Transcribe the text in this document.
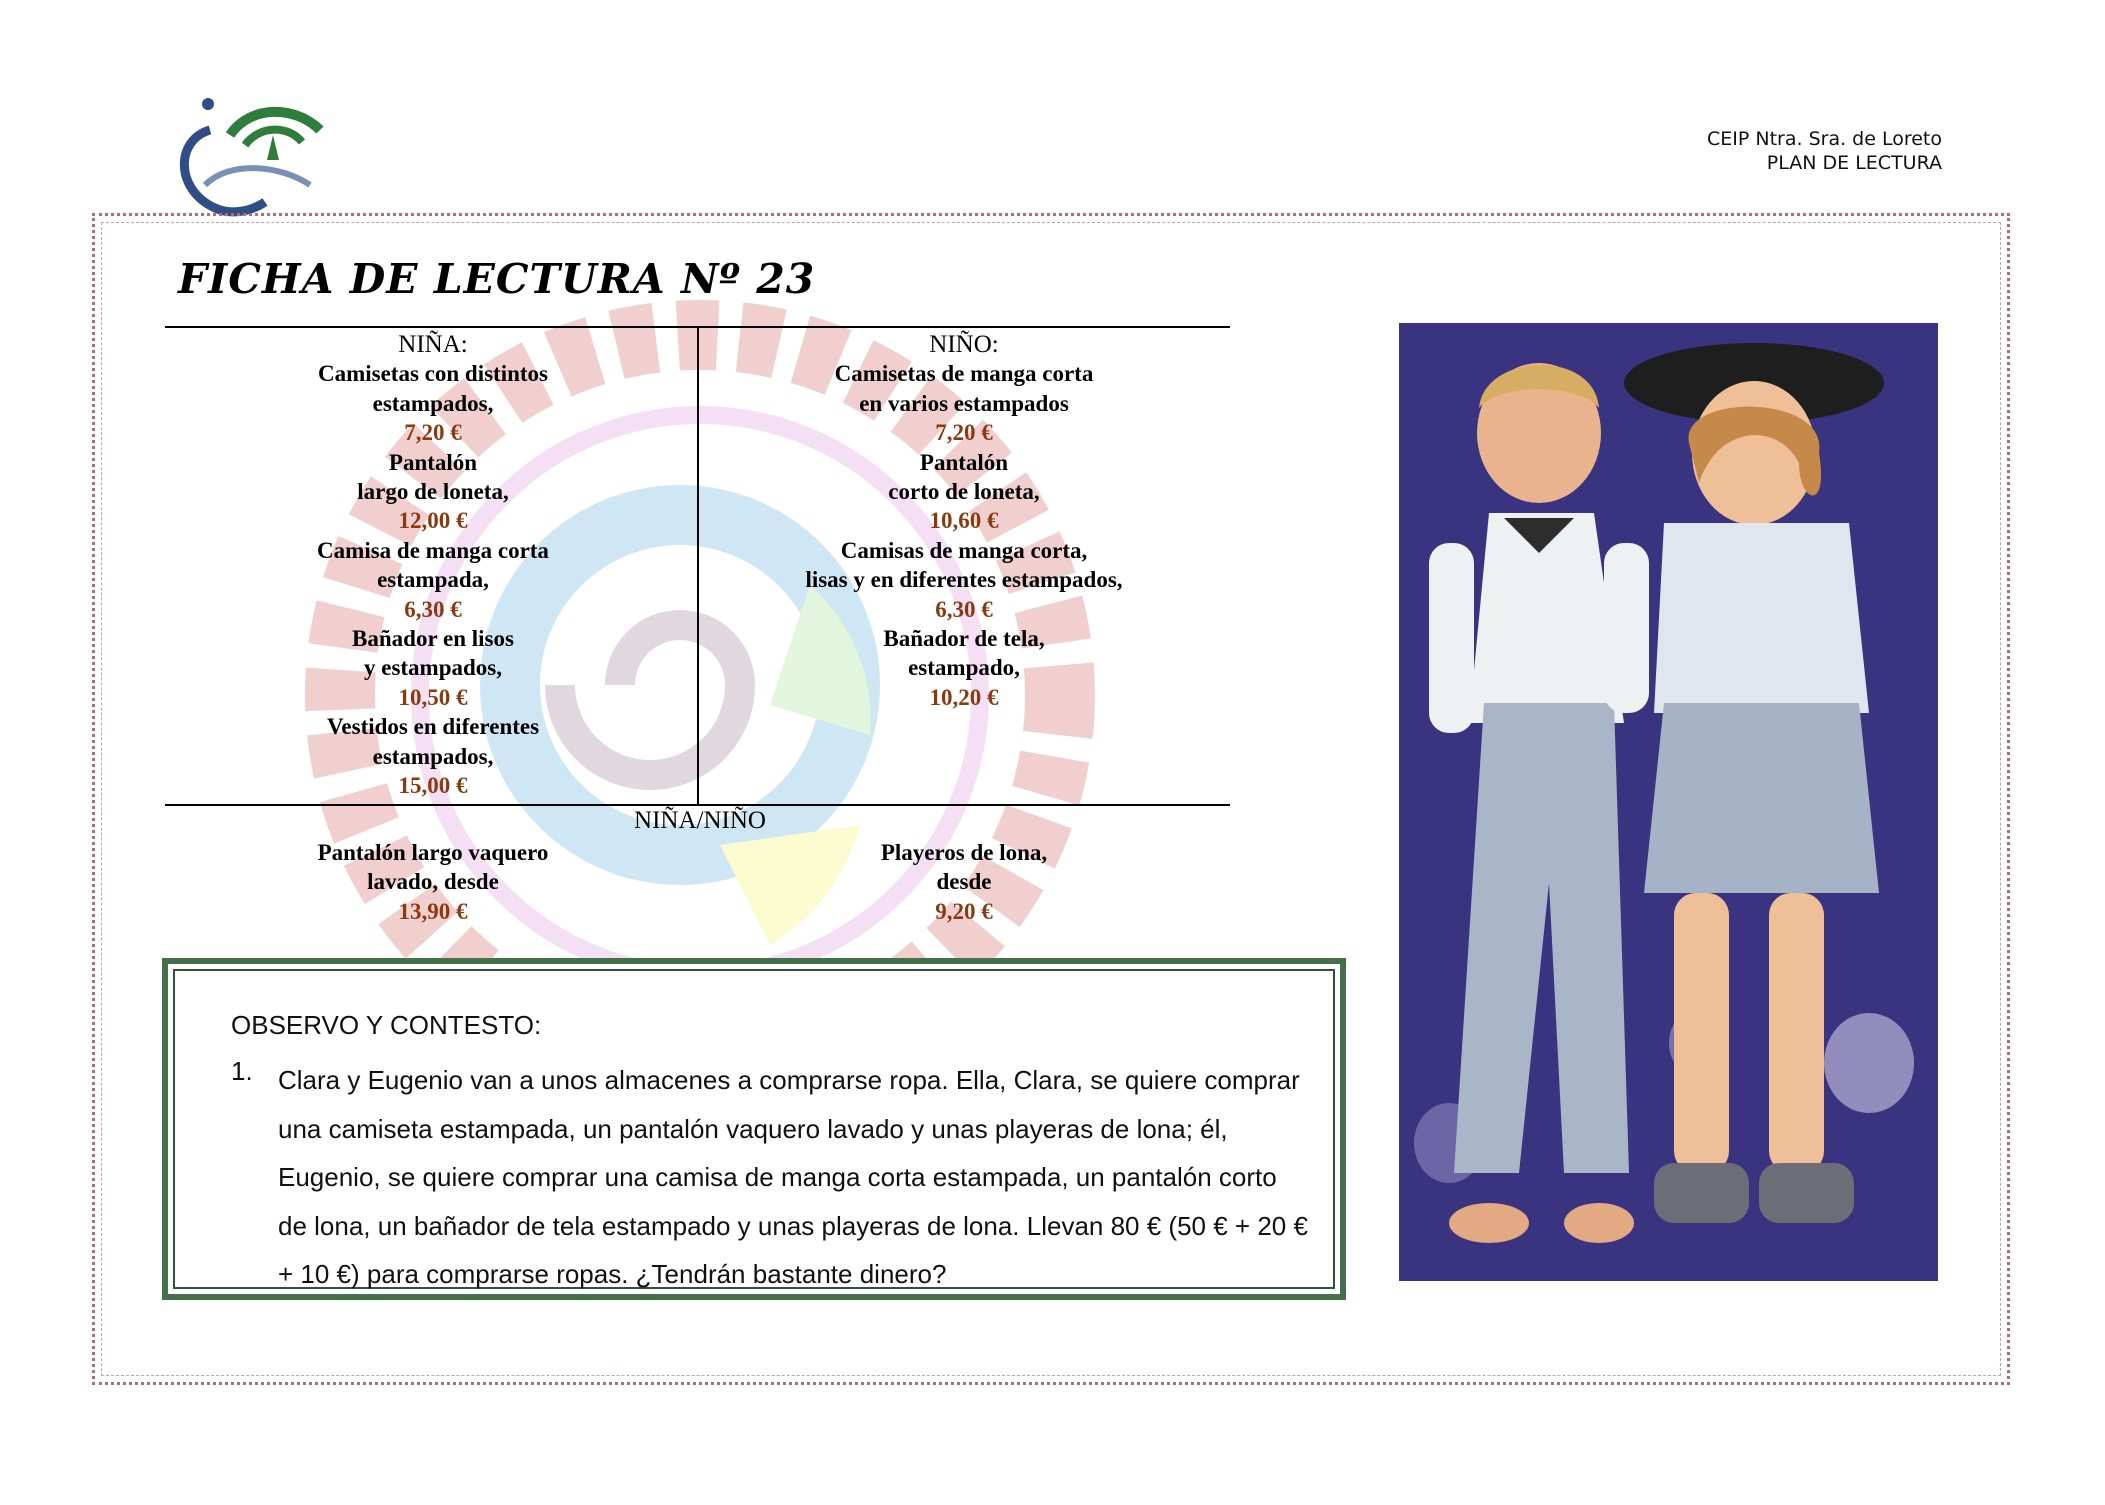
CEIP Ntra. Sra. de Loreto
PLAN DE LECTURA
FICHA DE LECTURA Nº 23
NIÑA:
Camisetas con distintos
estampados,
7,20 €
Pantalón
largo de loneta,
12,00 €
Camisa de manga corta
estampada,
6,30 €
Bañador en lisos
y estampados,
10,50 €
Vestidos en diferentes
estampados,
15,00 €
NIÑO:
Camisetas de manga corta
en varios estampados
7,20 €
Pantalón
corto de loneta,
10,60 €
Camisas de manga corta,
lisas y en diferentes estampados,
6,30 €
Bañador de tela,
estampado,
10,20 €
NIÑA/NIÑO
Pantalón largo vaquero
lavado, desde
13,90 €
Playeros de lona,
desde
9,20 €
OBSERVO Y CONTESTO:
1. Clara y Eugenio van a unos almacenes a comprarse ropa. Ella, Clara, se quiere comprar una camiseta estampada, un pantalón vaquero lavado y unas playeras de lona; él, Eugenio, se quiere comprar una camisa de manga corta estampada, un pantalón corto de lona, un bañador de tela estampado y unas playeras de lona. Llevan 80 € (50 € + 20 € + 10 €) para comprarse ropas. ¿Tendrán bastante dinero?
